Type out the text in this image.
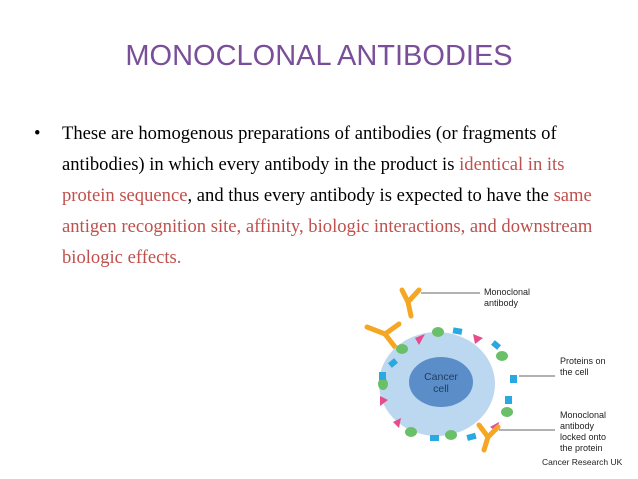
MONOCLONAL ANTIBODIES
•	These are homogenous preparations of antibodies (or fragments of antibodies) in which every antibody in the product is identical in its protein sequence, and thus every antibody is expected to have the same antigen recognition site, affinity, biologic interactions, and downstream biologic effects.
Cancer
cell
Monoclonal
antibody
Proteins on
the cell
Monoclonal
antibody
locked onto
the protein
Cancer Research UK
